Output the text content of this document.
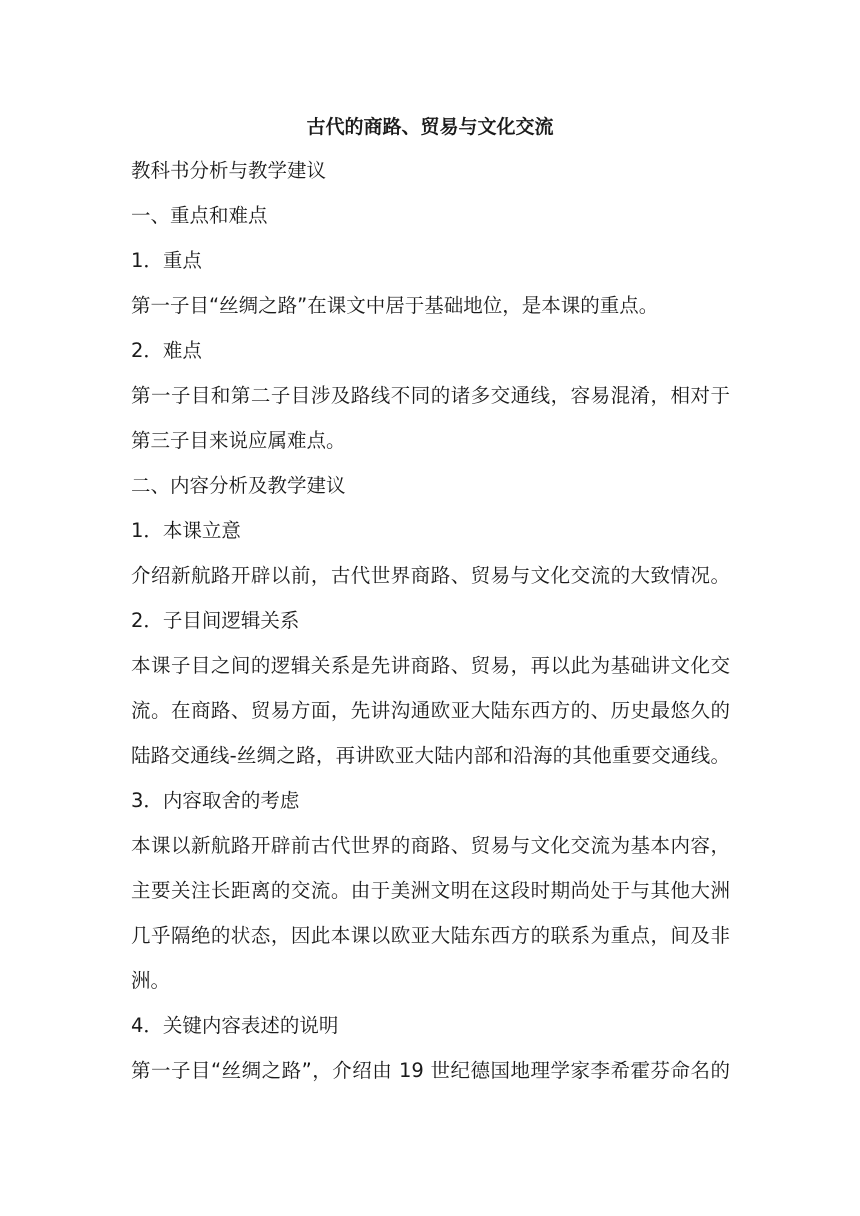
古代的商路、贸易与文化交流
教科书分析与教学建议
一、重点和难点
1．重点
第一子目“丝绸之路”在课文中居于基础地位，是本课的重点。
2．难点
第一子目和第二子目涉及路线不同的诸多交通线，容易混淆，相对于
第三子目来说应属难点。
二、内容分析及教学建议
1．本课立意
介绍新航路开辟以前，古代世界商路、贸易与文化交流的大致情况。
2．子目间逻辑关系
本课子目之间的逻辑关系是先讲商路、贸易，再以此为基础讲文化交
流。在商路、贸易方面，先讲沟通欧亚大陆东西方的、历史最悠久的
陆路交通线-丝绸之路，再讲欧亚大陆内部和沿海的其他重要交通线。
3．内容取舍的考虑
本课以新航路开辟前古代世界的商路、贸易与文化交流为基本内容，
主要关注长距离的交流。由于美洲文明在这段时期尚处于与其他大洲
几乎隔绝的状态，因此本课以欧亚大陆东西方的联系为重点，间及非
洲。
4．关键内容表述的说明
第一子目“丝绸之路”，介绍由 19 世纪德国地理学家李希霍芬命名的
